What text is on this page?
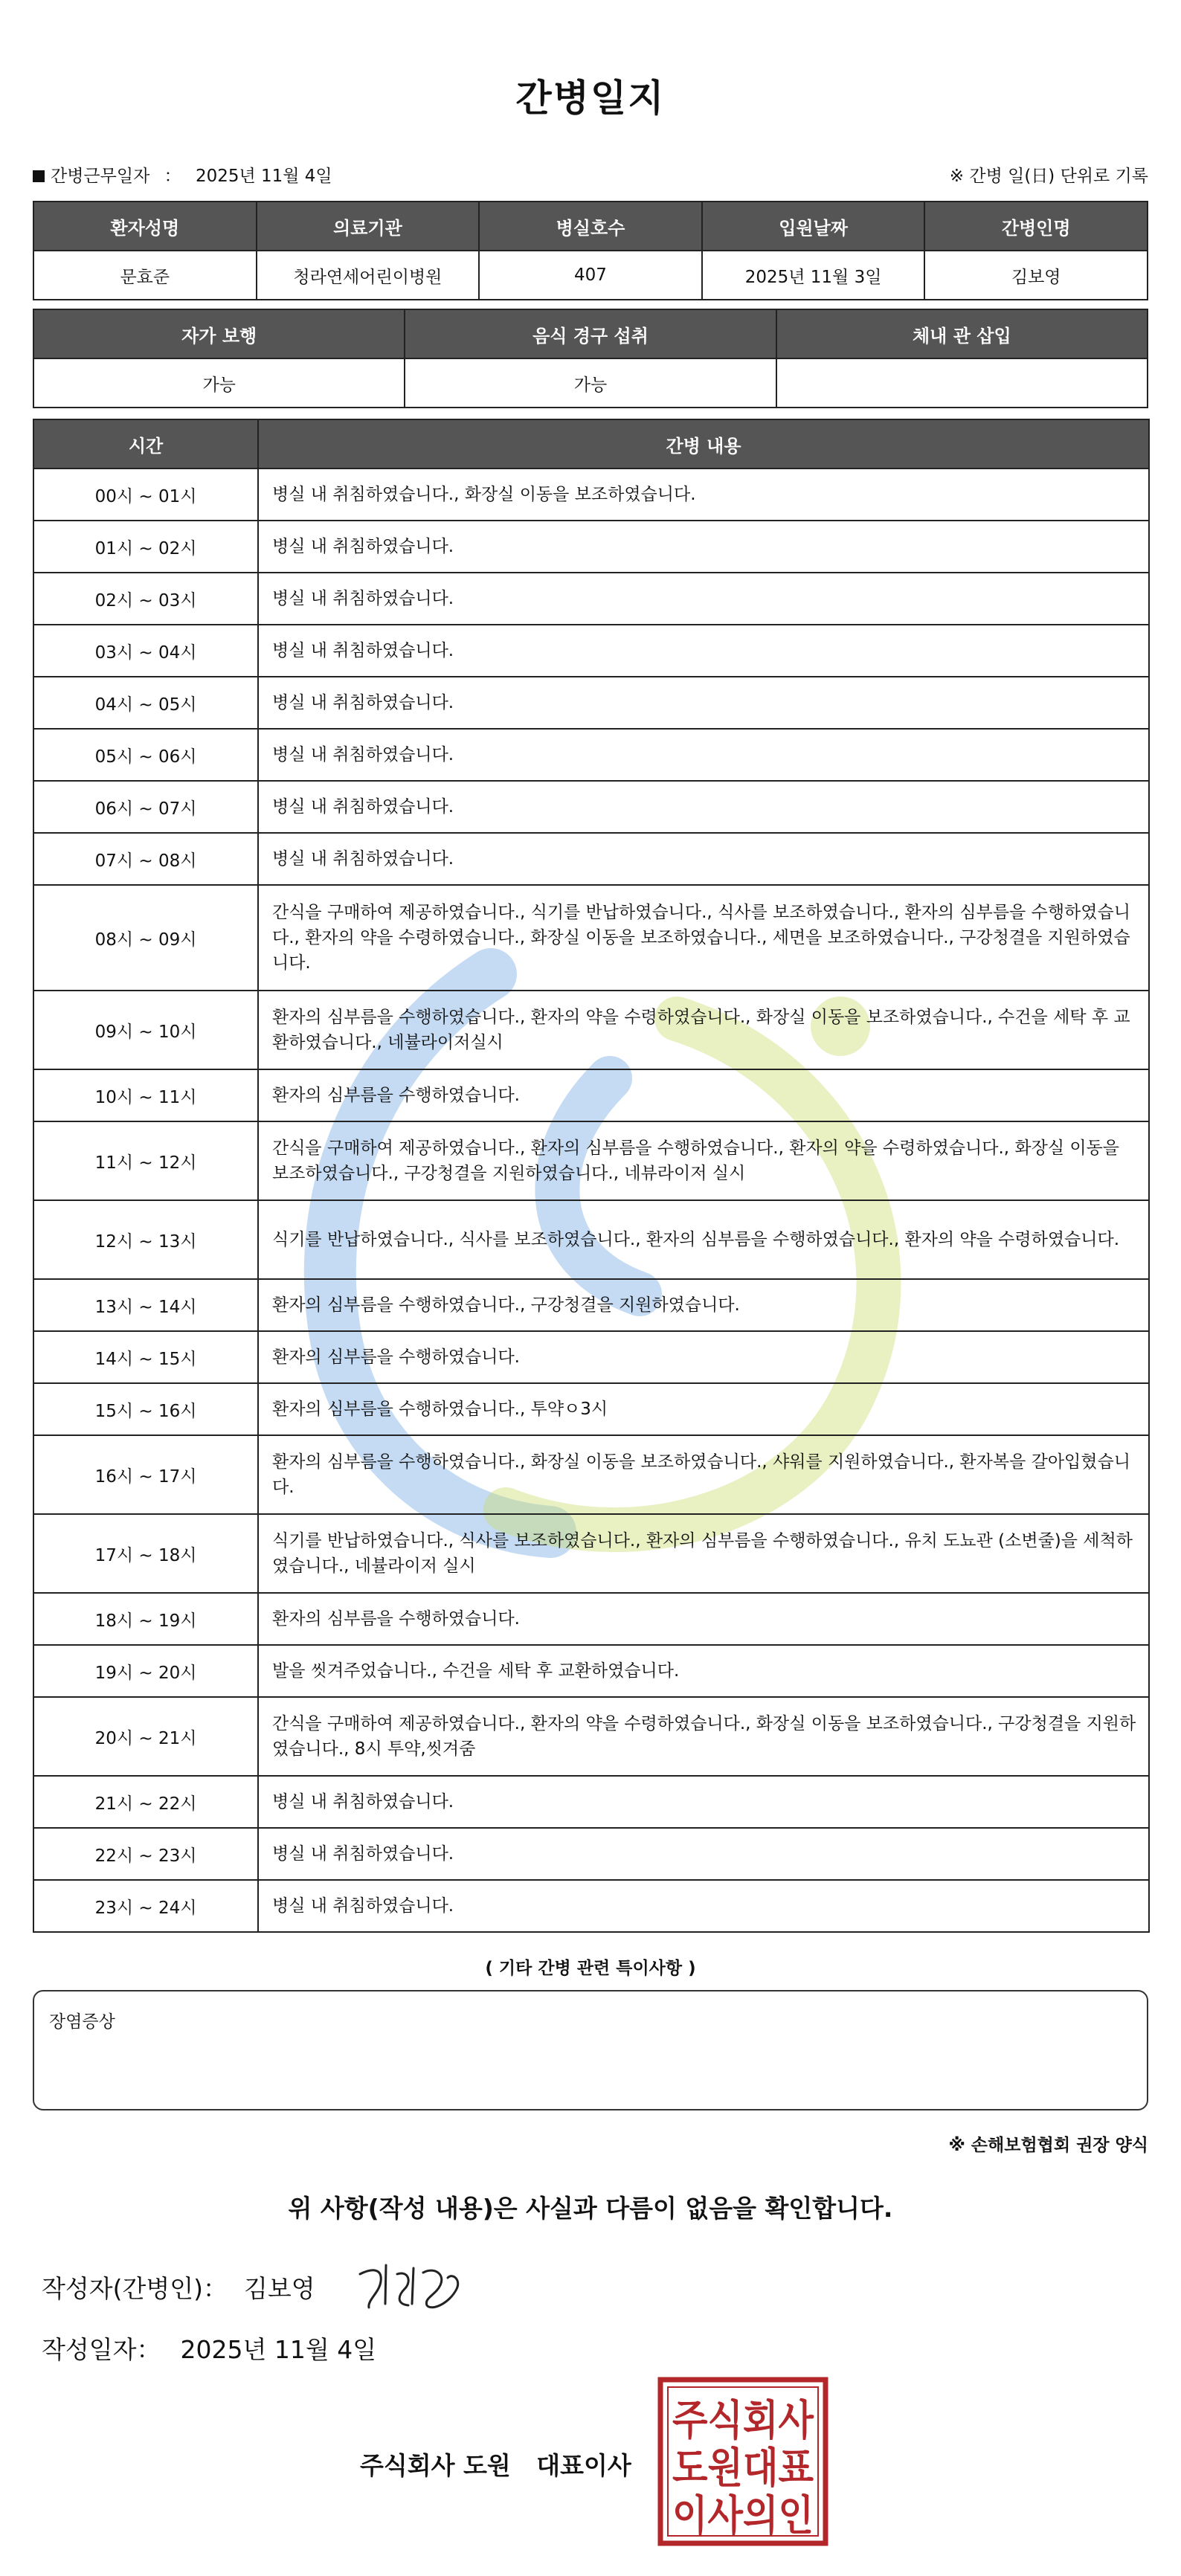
간병일지
간병근무일자 ： 2025년 11월 4일	※ 간병 일(日) 단위로 기록
환자성명	의료기관	병실호수	입원날짜	간병인명
문효준	청라연세어린이병원	407	2025년 11월 3일	김보영
자가 보행	음식 경구 섭취	체내 관 삽입
가능	가능	
시간	간병 내용
00시 ~ 01시	병실 내 취침하였습니다., 화장실 이동을 보조하였습니다.
01시 ~ 02시	병실 내 취침하였습니다.
02시 ~ 03시	병실 내 취침하였습니다.
03시 ~ 04시	병실 내 취침하였습니다.
04시 ~ 05시	병실 내 취침하였습니다.
05시 ~ 06시	병실 내 취침하였습니다.
06시 ~ 07시	병실 내 취침하였습니다.
07시 ~ 08시	병실 내 취침하였습니다.
08시 ~ 09시	간식을 구매하여 제공하였습니다., 식기를 반납하였습니다., 식사를 보조하였습니다., 환자의 심부름을 수행하였습니다., 환자의 약을 수령하였습니다., 화장실 이동을 보조하였습니다., 세면을 보조하였습니다., 구강청결을 지원하였습니다.
09시 ~ 10시	환자의 심부름을 수행하였습니다., 환자의 약을 수령하였습니다., 화장실 이동을 보조하였습니다., 수건을 세탁 후 교환하였습니다., 네뷸라이저실시
10시 ~ 11시	환자의 심부름을 수행하였습니다.
11시 ~ 12시	간식을 구매하여 제공하였습니다., 환자의 심부름을 수행하였습니다., 환자의 약을 수령하였습니다., 화장실 이동을 보조하였습니다., 구강청결을 지원하였습니다., 네뷰라이저 실시
12시 ~ 13시	식기를 반납하였습니다., 식사를 보조하였습니다., 환자의 심부름을 수행하였습니다., 환자의 약을 수령하였습니다.
13시 ~ 14시	환자의 심부름을 수행하였습니다., 구강청결을 지원하였습니다.
14시 ~ 15시	환자의 심부름을 수행하였습니다.
15시 ~ 16시	환자의 심부름을 수행하였습니다., 투약ㅇ3시
16시 ~ 17시	환자의 심부름을 수행하였습니다., 화장실 이동을 보조하였습니다., 샤워를 지원하였습니다., 환자복을 갈아입혔습니다.
17시 ~ 18시	식기를 반납하였습니다., 식사를 보조하였습니다., 환자의 심부름을 수행하였습니다., 유치 도뇨관 (소변줄)을 세척하였습니다., 네뷸라이저 실시
18시 ~ 19시	환자의 심부름을 수행하였습니다.
19시 ~ 20시	발을 씻겨주었습니다., 수건을 세탁 후 교환하였습니다.
20시 ~ 21시	간식을 구매하여 제공하였습니다., 환자의 약을 수령하였습니다., 화장실 이동을 보조하였습니다., 구강청결을 지원하였습니다., 8시 투약,씻겨줌
21시 ~ 22시	병실 내 취침하였습니다.
22시 ~ 23시	병실 내 취침하였습니다.
23시 ~ 24시	병실 내 취침하였습니다.
( 기타 간병 관련 특이사항 )
장염증상
※ 손해보험협회 권장 양식
위 사항(작성 내용)은 사실과 다름이 없음을 확인합니다.
작성자(간병인)： 김보영
작성일자： 2025년 11월 4일
주식회사 도원   대표이사
주식회사
도원대표
이사의인
